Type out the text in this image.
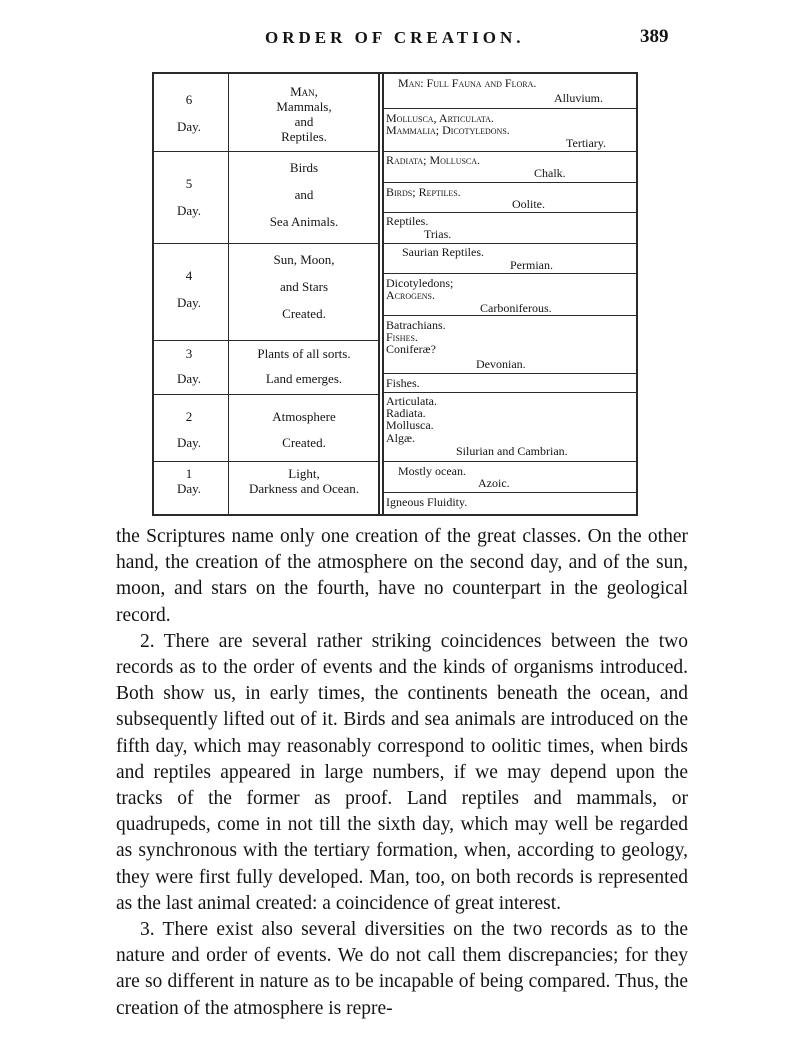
ORDER OF CREATION.	389
6
Day.
Man,
Mammals,
and
Reptiles.
5
Day.
Birds
and
Sea Animals.
4
Day.
Sun, Moon,
and Stars
Created.
3
Day.
Plants of all sorts.
Land emerges.
2
Day.
Atmosphere
Created.
1
Day.
Light,
Darkness and Ocean.
Man: Full Fauna and Flora.
Alluvium.
Mollusca, Articulata.
Mammalia; Dicotyledons.
Tertiary.
Radiata; Mollusca.
Chalk.
Birds; Reptiles.
Oolite.
Reptiles.
Trias.
Saurian Reptiles.
Permian.
Dicotyledons;
Acrogens.
Carboniferous.
Batrachians.
Fishes.
Coniferæ?
Devonian.
Fishes.
Articulata.
Radiata.
Mollusca.
Algæ.
Silurian and Cambrian.
Mostly ocean.
Azoic.
Igneous Fluidity.

the Scriptures name only one creation of the great classes. On the other hand, the creation of the atmosphere on the second day, and of the sun, moon, and stars on the fourth, have no counterpart in the geological record.

2. There are several rather striking coincidences between the two records as to the order of events and the kinds of organisms introduced. Both show us, in early times, the continents beneath the ocean, and subsequently lifted out of it. Birds and sea animals are introduced on the fifth day, which may reasonably correspond to oolitic times, when birds and reptiles appeared in large numbers, if we may depend upon the tracks of the former as proof. Land reptiles and mammals, or quadrupeds, come in not till the sixth day, which may well be regarded as synchronous with the tertiary formation, when, according to geology, they were first fully developed. Man, too, on both records is represented as the last animal created: a coincidence of great interest.

3. There exist also several diversities on the two records as to the nature and order of events. We do not call them discrepancies; for they are so different in nature as to be incapable of being compared. Thus, the creation of the atmosphere is repre-
